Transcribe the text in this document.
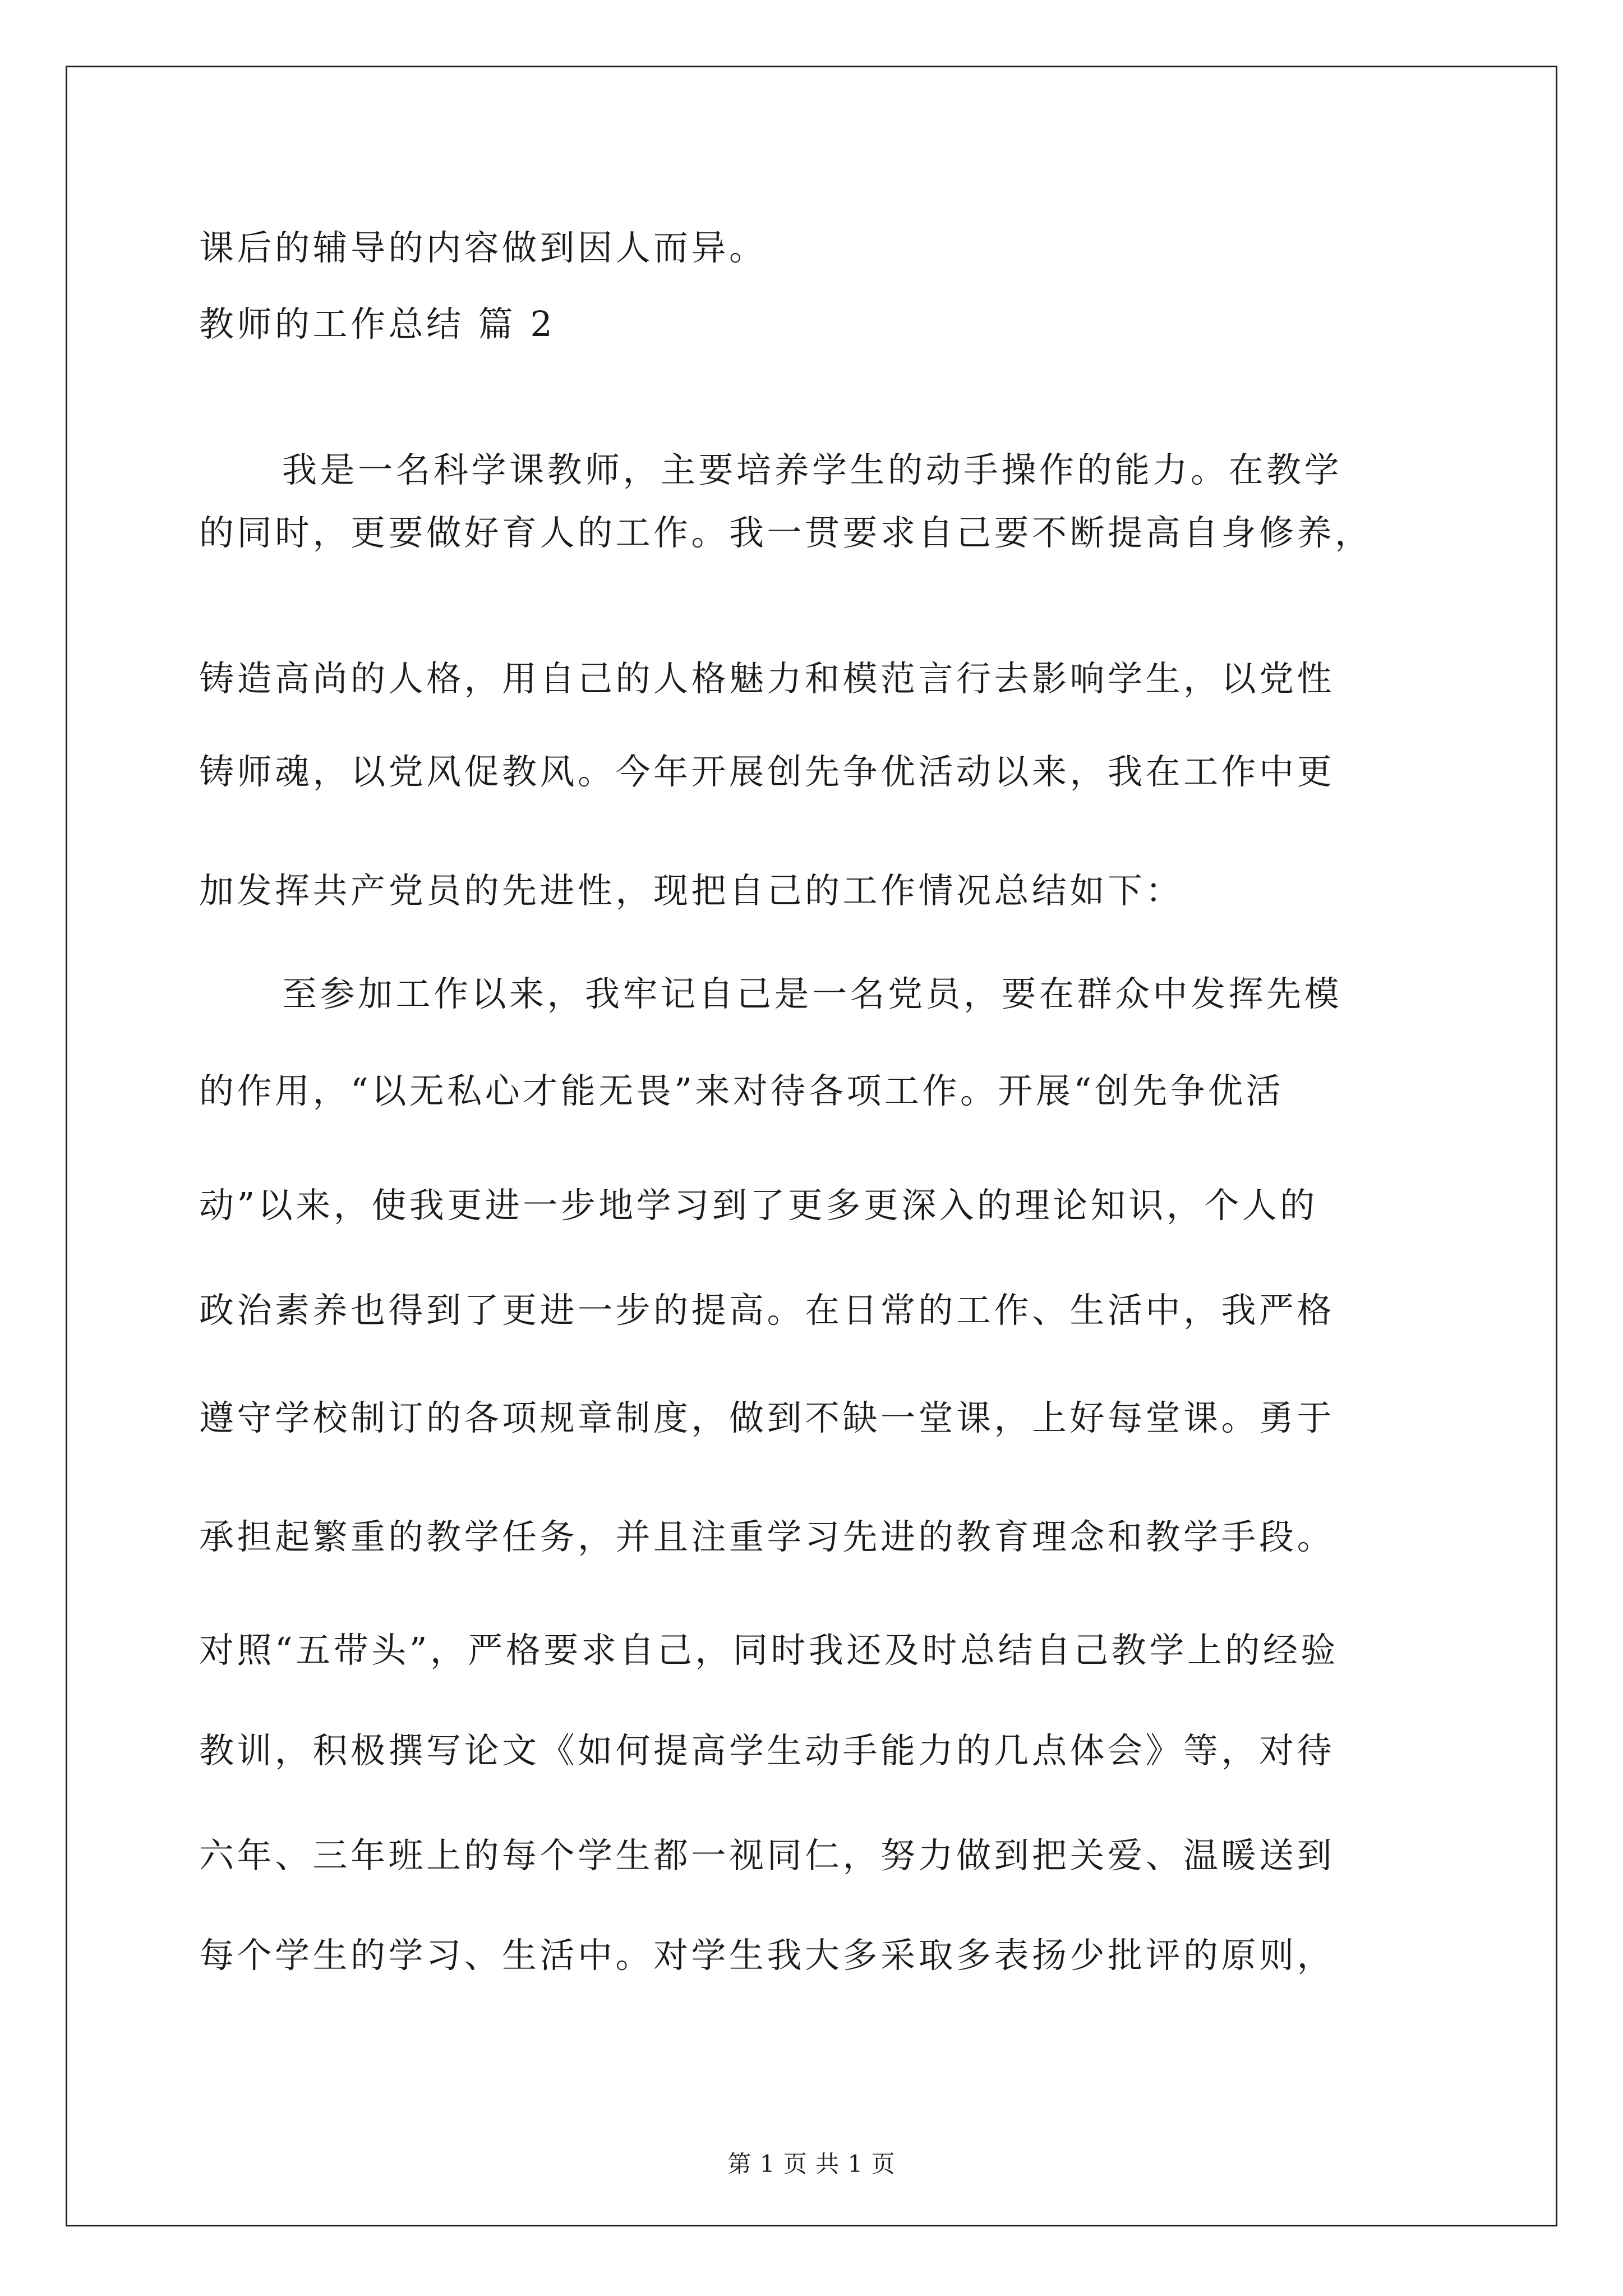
课后的辅导的内容做到因人而异。
教师的工作总结 篇 2
我是一名科学课教师，主要培养学生的动手操作的能力。在教学
的同时，更要做好育人的工作。我一贯要求自己要不断提高自身修养，
铸造高尚的人格，用自己的人格魅力和模范言行去影响学生，以党性
铸师魂，以党风促教风。今年开展创先争优活动以来，我在工作中更
加发挥共产党员的先进性，现把自己的工作情况总结如下：
至参加工作以来，我牢记自己是一名党员，要在群众中发挥先模
的作用，“以无私心才能无畏”来对待各项工作。开展“创先争优活
动”以来，使我更进一步地学习到了更多更深入的理论知识，个人的
政治素养也得到了更进一步的提高。在日常的工作、生活中，我严格
遵守学校制订的各项规章制度，做到不缺一堂课，上好每堂课。勇于
承担起繁重的教学任务，并且注重学习先进的教育理念和教学手段。
对照“五带头”，严格要求自己，同时我还及时总结自己教学上的经验
教训，积极撰写论文《如何提高学生动手能力的几点体会》等，对待
六年、三年班上的每个学生都一视同仁，努力做到把关爱、温暖送到
每个学生的学习、生活中。对学生我大多采取多表扬少批评的原则，
第 1 页 共 1 页
